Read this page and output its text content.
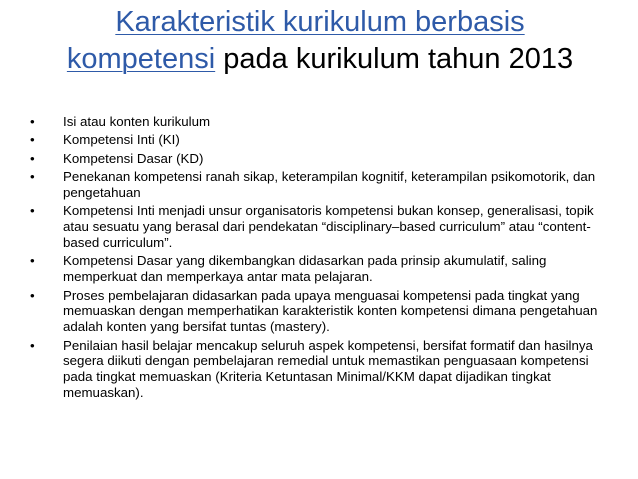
Karakteristik kurikulum berbasis kompetensi pada kurikulum tahun 2013
•	Isi atau konten kurikulum
•	Kompetensi Inti (KI)
•	Kompetensi Dasar (KD)
•	Penekanan kompetensi ranah sikap, keterampilan kognitif, keterampilan psikomotorik, dan pengetahuan
•	Kompetensi Inti menjadi unsur organisatoris kompetensi bukan konsep, generalisasi, topik atau sesuatu yang berasal dari pendekatan “disciplinary–based curriculum” atau “content-based curriculum”.
•	Kompetensi Dasar yang dikembangkan didasarkan pada prinsip akumulatif, saling memperkuat dan memperkaya antar mata pelajaran.
•	Proses pembelajaran didasarkan pada upaya menguasai kompetensi pada tingkat yang memuaskan dengan memperhatikan karakteristik konten kompetensi dimana pengetahuan adalah konten yang bersifat tuntas (mastery).
•	Penilaian hasil belajar mencakup seluruh aspek kompetensi, bersifat formatif dan hasilnya segera diikuti dengan pembelajaran remedial untuk memastikan penguasaan kompetensi pada tingkat memuaskan (Kriteria Ketuntasan Minimal/KKM dapat dijadikan tingkat memuaskan).
